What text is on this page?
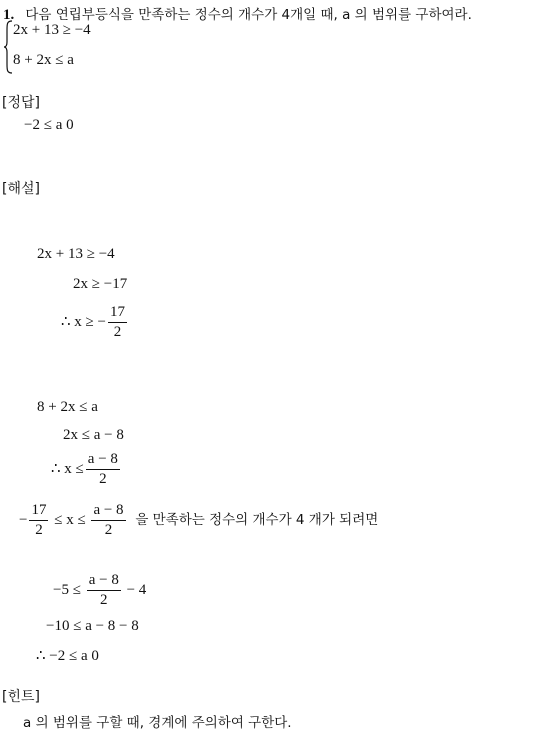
1. 다음 연립부등식을 만족하는 정수의 개수가 4개일 때, a 의 범위를 구하여라.
2x + 13 ≥ −4
8 + 2x ≤ a
[정답]
−2 ≤ a 0
[해설]
2x + 13 ≥ −4
2x ≥ −17
∴ x ≥ − $\frac{17}{2}$
8 + 2x ≤ a
2x ≤ a − 8
∴ $x \le \frac{a - 8}{2}$
− $\frac{17}{2} \le x \le \frac{a - 8}{2}$ 을 만족하는 정수의 개수가 4 개가 되려면
$-5 \le \frac{a - 8}{2} - 4$
−10 ≤ a − 8 − 8
∴ −2 ≤ a 0
[힌트]
a 의 범위를 구할 때, 경계에 주의하여 구한다.
